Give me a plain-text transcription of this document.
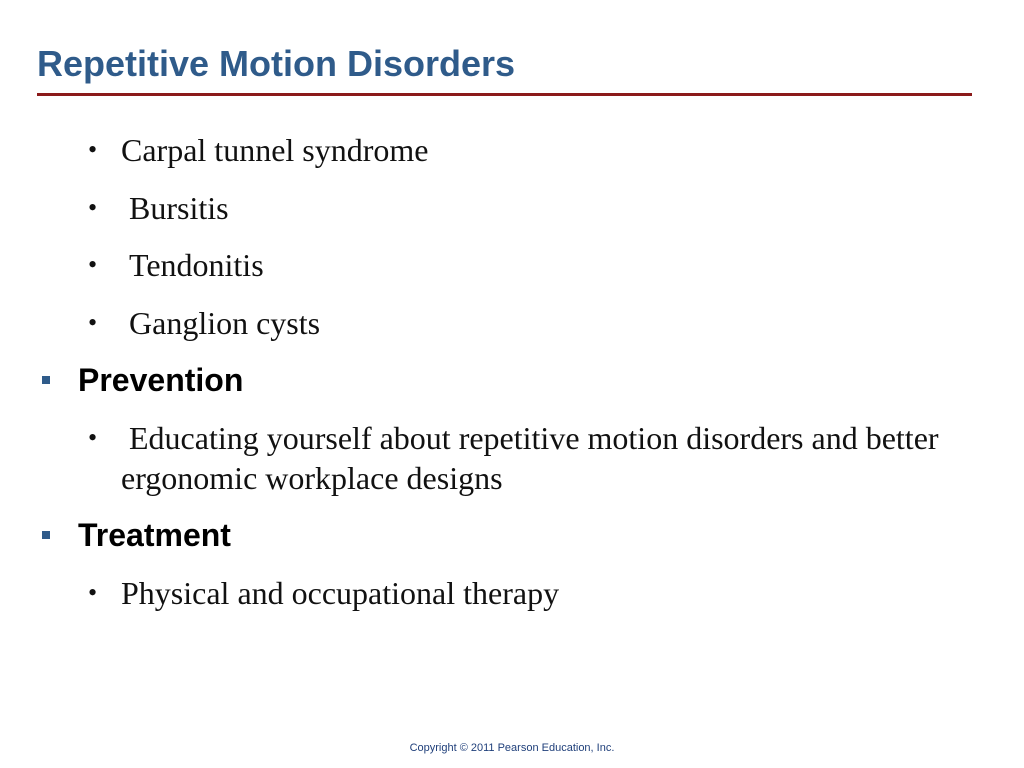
Repetitive Motion Disorders
• Carpal tunnel syndrome
• Bursitis
• Tendonitis
• Ganglion cysts
Prevention
• Educating yourself about repetitive motion disorders and better ergonomic workplace designs
Treatment
• Physical and occupational therapy
Copyright © 2011 Pearson Education, Inc.
